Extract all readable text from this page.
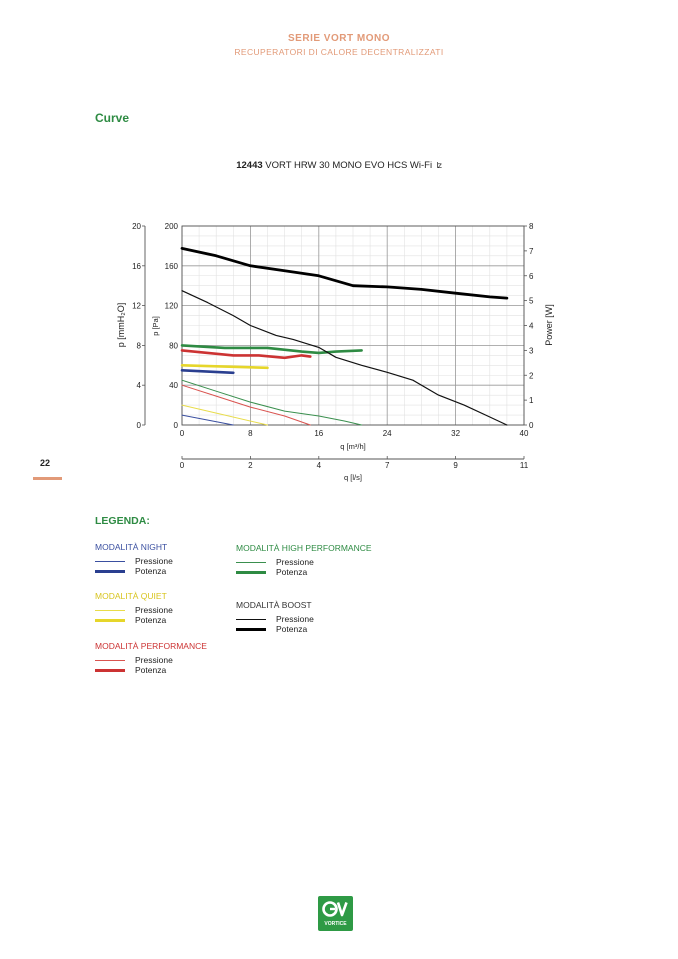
SERIE VORT MONO
RECUPERATORI DI CALORE DECENTRALIZZATI
Curve
12443 VORT HRW 30 MONO EVO HCS Wi-Fi ʫ
0
4
8
12
16
20
0
40
80
120
160
200
0
1
2
3
4
5
6
7
8
0	8	16	24	32	40
0	2	4	7	9	11
q [m³/h]
q [l/s]
p [mmH₂O]	p [Pa]	Power [W]
22
LEGENDA:
MODALITÀ NIGHT
Pressione
Potenza
MODALITÀ QUIET
Pressione
Potenza
MODALITÀ PERFORMANCE
Pressione
Potenza
MODALITÀ HIGH PERFORMANCE
Pressione
Potenza
MODALITÀ BOOST
Pressione
Potenza
VORTICE
